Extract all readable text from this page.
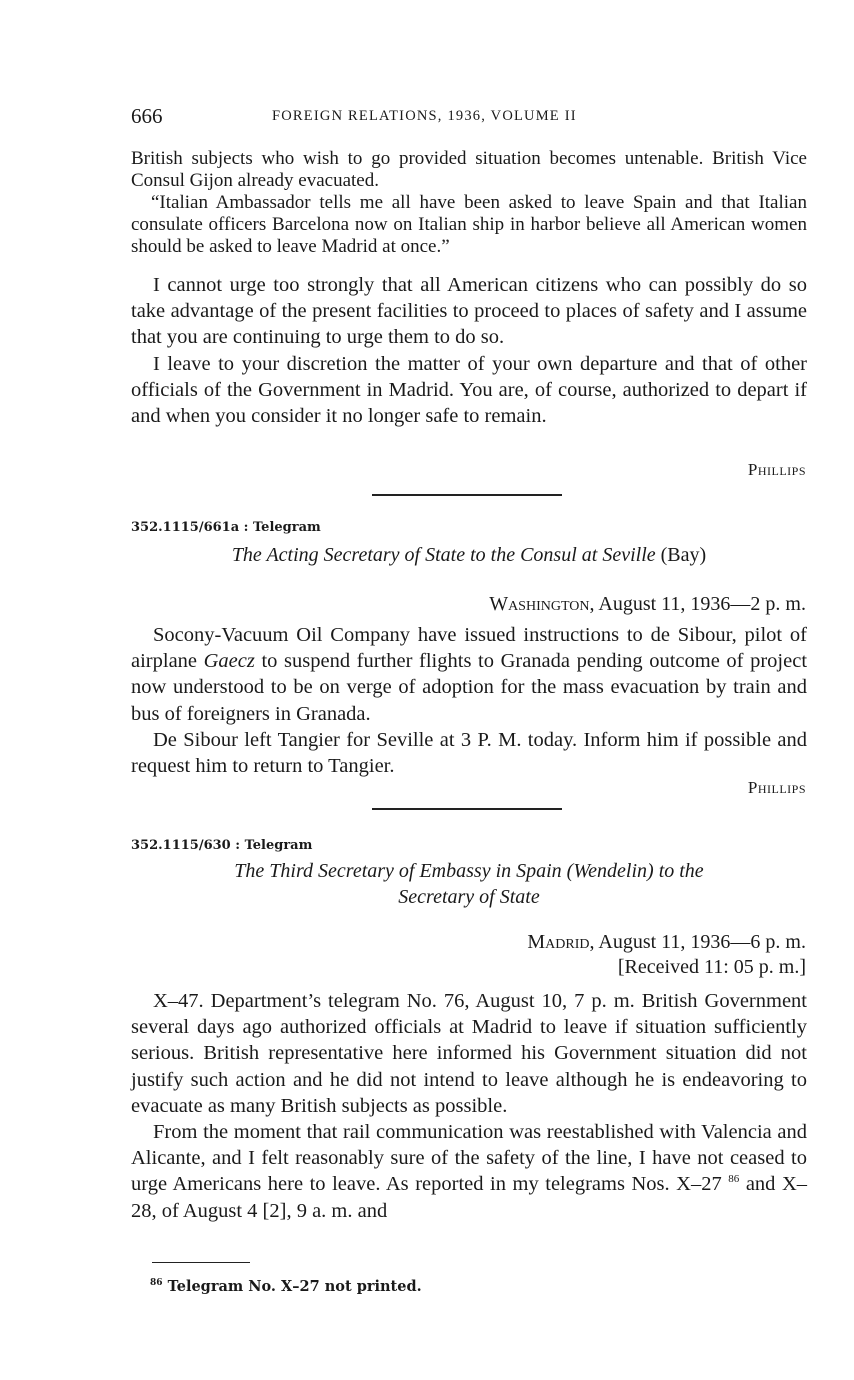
666	FOREIGN RELATIONS, 1936, VOLUME II

British subjects who wish to go provided situation becomes untenable. British Vice Consul Gijon already evacuated.

“Italian Ambassador tells me all have been asked to leave Spain and that Italian consulate officers Barcelona now on Italian ship in harbor believe all American women should be asked to leave Madrid at once.”

I cannot urge too strongly that all American citizens who can possibly do so take advantage of the present facilities to proceed to places of safety and I assume that you are continuing to urge them to do so.

I leave to your discretion the matter of your own departure and that of other officials of the Government in Madrid. You are, of course, authorized to depart if and when you consider it no longer safe to remain.

Phillips
352.1115/661a : Telegram
The Acting Secretary of State to the Consul at Seville (Bay)
Washington, August 11, 1936—2 p. m.

Socony-Vacuum Oil Company have issued instructions to de Sibour, pilot of airplane Gaecz to suspend further flights to Granada pending outcome of project now understood to be on verge of adoption for the mass evacuation by train and bus of foreigners in Granada.

De Sibour left Tangier for Seville at 3 P. M. today. Inform him if possible and request him to return to Tangier.

Phillips
352.1115/630 : Telegram
The Third Secretary of Embassy in Spain (Wendelin) to the
Secretary of State
Madrid, August 11, 1936—6 p. m.
[Received 11: 05 p. m.]

X–47. Department’s telegram No. 76, August 10, 7 p. m. British Government several days ago authorized officials at Madrid to leave if situation sufficiently serious. British representative here informed his Government situation did not justify such action and he did not intend to leave although he is endeavoring to evacuate as many British subjects as possible.

From the moment that rail communication was reestablished with Valencia and Alicante, and I felt reasonably sure of the safety of the line, I have not ceased to urge Americans here to leave. As reported in my telegrams Nos. X–27 $^{86}$ and X–28, of August 4 [2], 9 a. m. and

$^{86}$ Telegram No. X–27 not printed.
